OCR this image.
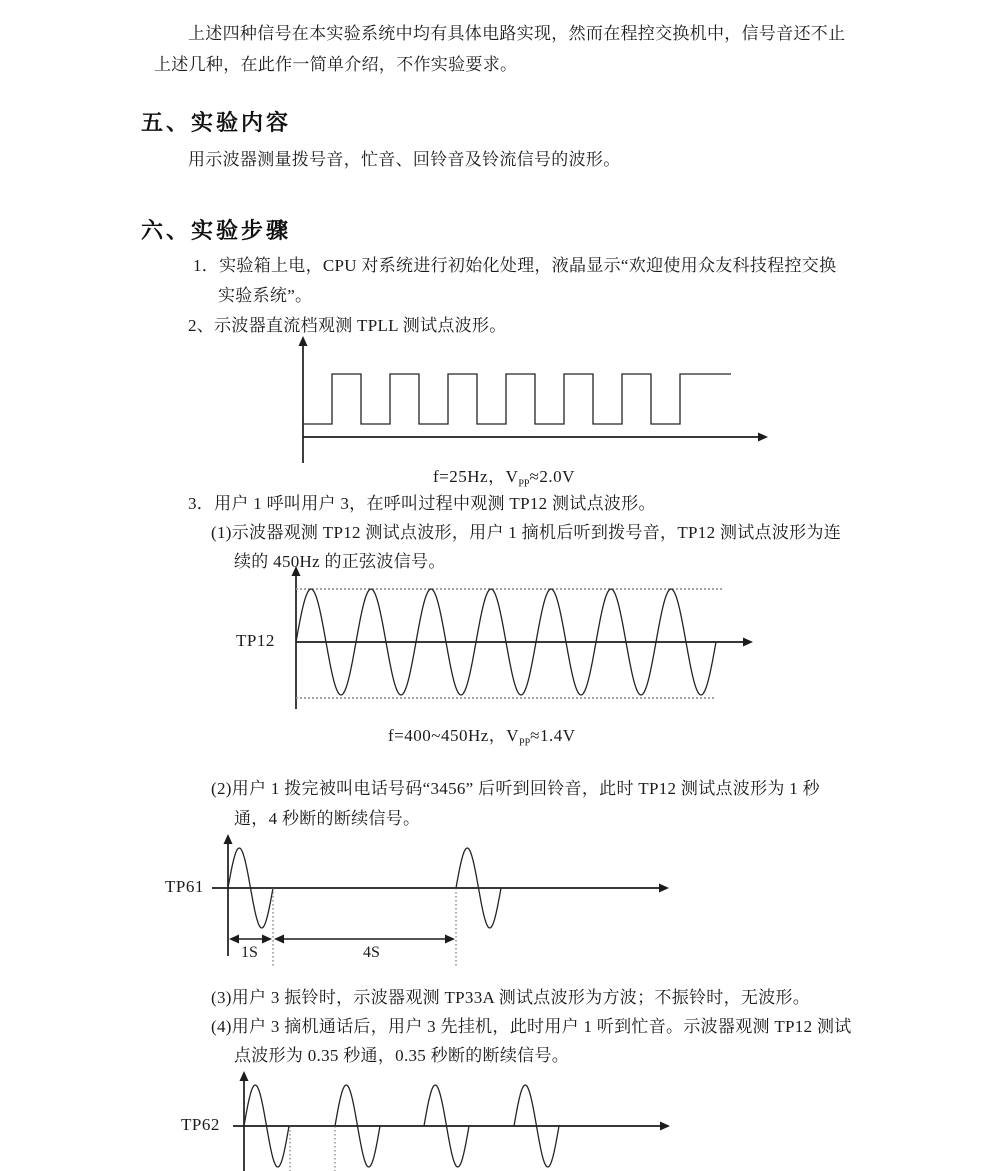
上述四种信号在本实验系统中均有具体电路实现，然而在程控交换机中，信号音还不止
上述几种，在此作一简单介绍，不作实验要求。
五、实验内容
用示波器测量拨号音，忙音、回铃音及铃流信号的波形。
六、实验步骤
1．实验箱上电，CPU 对系统进行初始化处理，液晶显示“欢迎使用众友科技程控交换
实验系统”。
2、示波器直流档观测 TPLL 测试点波形。
f=25Hz，$V_{PP}\approx 2.0V$
3．用户 1 呼叫用户 3，在呼叫过程中观测 TP12 测试点波形。
(1)示波器观测 TP12 测试点波形，用户 1 摘机后听到拨号音，TP12 测试点波形为连
续的 450Hz 的正弦波信号。
TP12
f=400~450Hz，$V_{PP}\approx 1.4V$
(2)用户 1 拨完被叫电话号码“3456” 后听到回铃音，此时 TP12 测试点波形为 1 秒
通，4 秒断的断续信号。
TP61
1S	4S
(3)用户 3 振铃时，示波器观测 TP33A 测试点波形为方波；不振铃时，无波形。
(4)用户 3 摘机通话后，用户 3 先挂机，此时用户 1 听到忙音。示波器观测 TP12 测试
点波形为 0.35 秒通，0.35 秒断的断续信号。
TP62
